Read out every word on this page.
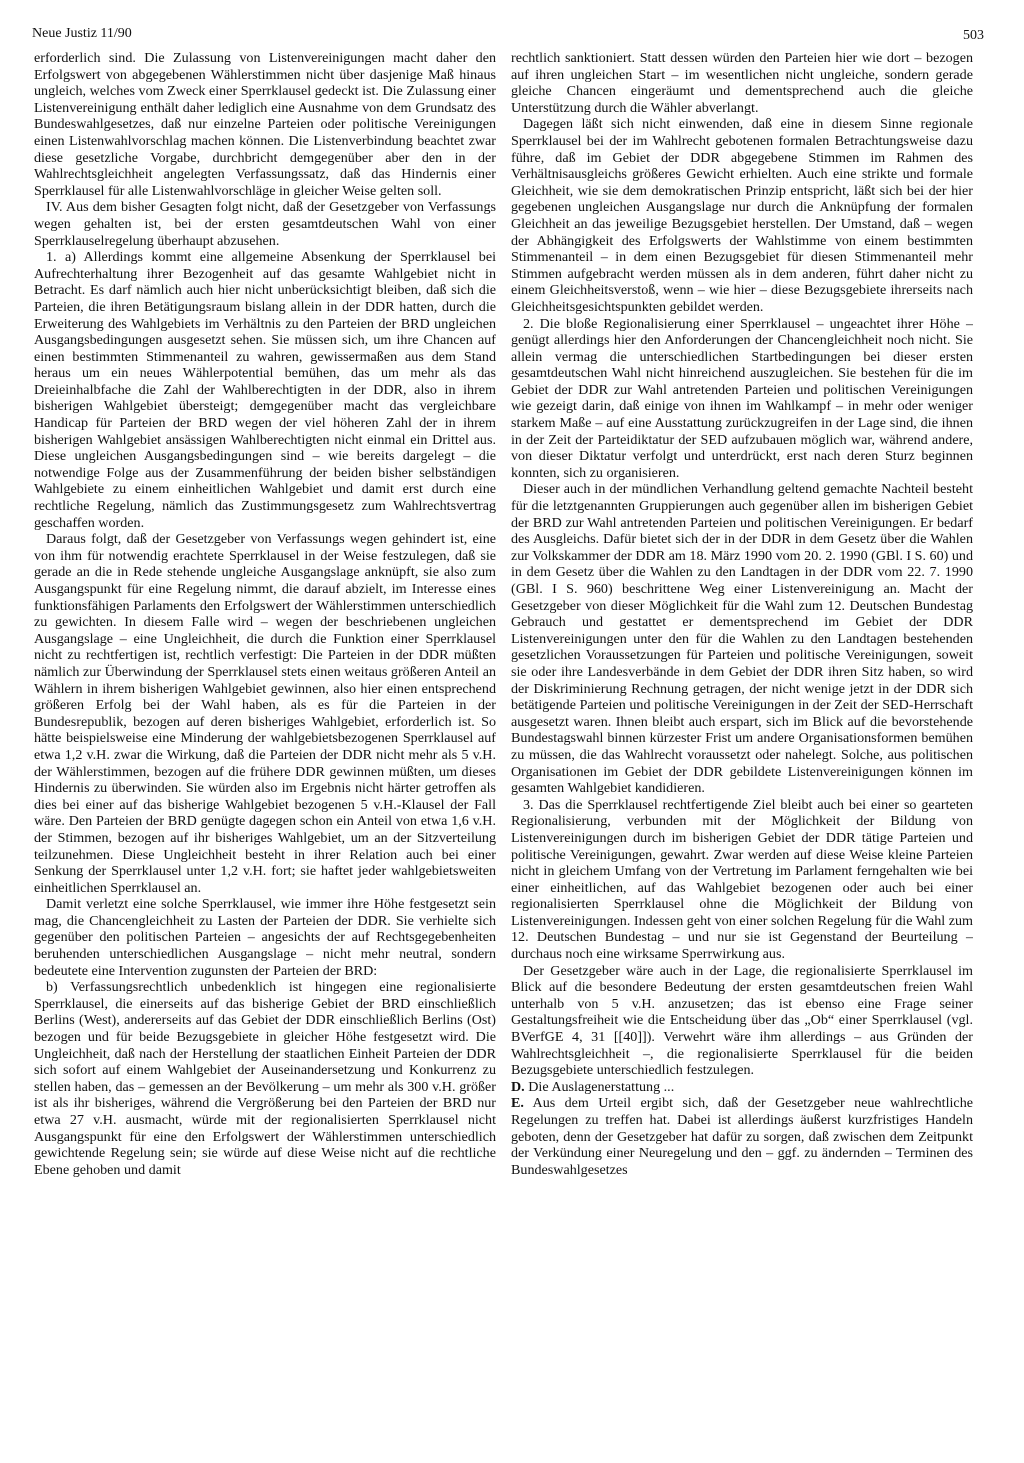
Neue Justiz 11/90	503

erforderlich sind. Die Zulassung von Listenvereinigungen macht daher den Erfolgswert von abgegebenen Wählerstimmen nicht über dasjenige Maß hinaus ungleich, welches vom Zweck einer Sperrklausel gedeckt ist. Die Zulassung einer Listenvereinigung enthält daher lediglich eine Ausnahme von dem Grundsatz des Bundeswahlgesetzes, daß nur einzelne Parteien oder politische Vereinigungen einen Listenwahlvorschlag machen können. Die Listenverbindung beachtet zwar diese gesetzliche Vorgabe, durchbricht demgegenüber aber den in der Wahlrechtsgleichheit angelegten Verfassungssatz, daß das Hindernis einer Sperrklausel für alle Listenwahlvorschläge in gleicher Weise gelten soll.

IV. Aus dem bisher Gesagten folgt nicht, daß der Gesetzgeber von Verfassungs wegen gehalten ist, bei der ersten gesamtdeutschen Wahl von einer Sperrklauselregelung überhaupt abzusehen.

1. a) Allerdings kommt eine allgemeine Absenkung der Sperrklausel bei Aufrechterhaltung ihrer Bezogenheit auf das gesamte Wahlgebiet nicht in Betracht. Es darf nämlich auch hier nicht unberücksichtigt bleiben, daß sich die Parteien, die ihren Betätigungsraum bislang allein in der DDR hatten, durch die Erweiterung des Wahlgebiets im Verhältnis zu den Parteien der BRD ungleichen Ausgangsbedingungen ausgesetzt sehen. Sie müssen sich, um ihre Chancen auf einen bestimmten Stimmenanteil zu wahren, gewissermaßen aus dem Stand heraus um ein neues Wählerpotential bemühen, das um mehr als das Dreieinhalbfache die Zahl der Wahlberechtigten in der DDR, also in ihrem bisherigen Wahlgebiet übersteigt; demgegenüber macht das vergleichbare Handicap für Parteien der BRD wegen der viel höheren Zahl der in ihrem bisherigen Wahlgebiet ansässigen Wahlberechtigten nicht einmal ein Drittel aus. Diese ungleichen Ausgangsbedingungen sind – wie bereits dargelegt – die notwendige Folge aus der Zusammenführung der beiden bisher selbständigen Wahlgebiete zu einem einheitlichen Wahlgebiet und damit erst durch eine rechtliche Regelung, nämlich das Zustimmungsgesetz zum Wahlrechtsvertrag geschaffen worden.

Daraus folgt, daß der Gesetzgeber von Verfassungs wegen gehindert ist, eine von ihm für notwendig erachtete Sperrklausel in der Weise festzulegen, daß sie gerade an die in Rede stehende ungleiche Ausgangslage anknüpft, sie also zum Ausgangspunkt für eine Regelung nimmt, die darauf abzielt, im Interesse eines funktionsfähigen Parlaments den Erfolgswert der Wählerstimmen unterschiedlich zu gewichten. In diesem Falle wird – wegen der beschriebenen ungleichen Ausgangslage – eine Ungleichheit, die durch die Funktion einer Sperrklausel nicht zu rechtfertigen ist, rechtlich verfestigt: Die Parteien in der DDR müßten nämlich zur Überwindung der Sperrklausel stets einen weitaus größeren Anteil an Wählern in ihrem bisherigen Wahlgebiet gewinnen, also hier einen entsprechend größeren Erfolg bei der Wahl haben, als es für die Parteien in der Bundesrepublik, bezogen auf deren bisheriges Wahlgebiet, erforderlich ist. So hätte beispielsweise eine Minderung der wahlgebietsbezogenen Sperrklausel auf etwa 1,2 v.H. zwar die Wirkung, daß die Parteien der DDR nicht mehr als 5 v.H. der Wählerstimmen, bezogen auf die frühere DDR gewinnen müßten, um dieses Hindernis zu überwinden. Sie würden also im Ergebnis nicht härter getroffen als dies bei einer auf das bisherige Wahlgebiet bezogenen 5 v.H.-Klausel der Fall wäre. Den Parteien der BRD genügte dagegen schon ein Anteil von etwa 1,6 v.H. der Stimmen, bezogen auf ihr bisheriges Wahlgebiet, um an der Sitzverteilung teilzunehmen. Diese Ungleichheit besteht in ihrer Relation auch bei einer Senkung der Sperrklausel unter 1,2 v.H. fort; sie haftet jeder wahlgebietsweiten einheitlichen Sperrklausel an.

Damit verletzt eine solche Sperrklausel, wie immer ihre Höhe festgesetzt sein mag, die Chancengleichheit zu Lasten der Parteien der DDR. Sie verhielte sich gegenüber den politischen Parteien – angesichts der auf Rechtsgegebenheiten beruhenden unterschiedlichen Ausgangslage – nicht mehr neutral, sondern bedeutete eine Intervention zugunsten der Parteien der BRD:

b) Verfassungsrechtlich unbedenklich ist hingegen eine regionalisierte Sperrklausel, die einerseits auf das bisherige Gebiet der BRD einschließlich Berlins (West), andererseits auf das Gebiet der DDR einschließlich Berlins (Ost) bezogen und für beide Bezugsgebiete in gleicher Höhe festgesetzt wird. Die Ungleichheit, daß nach der Herstellung der staatlichen Einheit Parteien der DDR sich sofort auf einem Wahlgebiet der Auseinandersetzung und Konkurrenz zu stellen haben, das – gemessen an der Bevölkerung – um mehr als 300 v.H. größer ist als ihr bisheriges, während die Vergrößerung bei den Parteien der BRD nur etwa 27 v.H. ausmacht, würde mit der regionalisierten Sperrklausel nicht Ausgangspunkt für eine den Erfolgswert der Wählerstimmen unterschiedlich gewichtende Regelung sein; sie würde auf diese Weise nicht auf die rechtliche Ebene gehoben und damit

rechtlich sanktioniert. Statt dessen würden den Parteien hier wie dort – bezogen auf ihren ungleichen Start – im wesentlichen nicht ungleiche, sondern gerade gleiche Chancen eingeräumt und dementsprechend auch die gleiche Unterstützung durch die Wähler abverlangt.

Dagegen läßt sich nicht einwenden, daß eine in diesem Sinne regionale Sperrklausel bei der im Wahlrecht gebotenen formalen Betrachtungsweise dazu führe, daß im Gebiet der DDR abgegebene Stimmen im Rahmen des Verhältnisausgleichs größeres Gewicht erhielten. Auch eine strikte und formale Gleichheit, wie sie dem demokratischen Prinzip entspricht, läßt sich bei der hier gegebenen ungleichen Ausgangslage nur durch die Anknüpfung der formalen Gleichheit an das jeweilige Bezugsgebiet herstellen. Der Umstand, daß – wegen der Abhängigkeit des Erfolgswerts der Wahlstimme von einem bestimmten Stimmenanteil – in dem einen Bezugsgebiet für diesen Stimmenanteil mehr Stimmen aufgebracht werden müssen als in dem anderen, führt daher nicht zu einem Gleichheitsverstoß, wenn – wie hier – diese Bezugsgebiete ihrerseits nach Gleichheitsgesichtspunkten gebildet werden.

2. Die bloße Regionalisierung einer Sperrklausel – ungeachtet ihrer Höhe – genügt allerdings hier den Anforderungen der Chancengleichheit noch nicht. Sie allein vermag die unterschiedlichen Startbedingungen bei dieser ersten gesamtdeutschen Wahl nicht hinreichend auszugleichen. Sie bestehen für die im Gebiet der DDR zur Wahl antretenden Parteien und politischen Vereinigungen wie gezeigt darin, daß einige von ihnen im Wahlkampf – in mehr oder weniger starkem Maße – auf eine Ausstattung zurückzugreifen in der Lage sind, die ihnen in der Zeit der Parteidiktatur der SED aufzubauen möglich war, während andere, von dieser Diktatur verfolgt und unterdrückt, erst nach deren Sturz beginnen konnten, sich zu organisieren.

Dieser auch in der mündlichen Verhandlung geltend gemachte Nachteil besteht für die letztgenannten Gruppierungen auch gegenüber allen im bisherigen Gebiet der BRD zur Wahl antretenden Parteien und politischen Vereinigungen. Er bedarf des Ausgleichs. Dafür bietet sich der in der DDR in dem Gesetz über die Wahlen zur Volkskammer der DDR am 18. März 1990 vom 20. 2. 1990 (GBl. I S. 60) und in dem Gesetz über die Wahlen zu den Landtagen in der DDR vom 22. 7. 1990 (GBl. I S. 960) beschrittene Weg einer Listenvereinigung an. Macht der Gesetzgeber von dieser Möglichkeit für die Wahl zum 12. Deutschen Bundestag Gebrauch und gestattet er dementsprechend im Gebiet der DDR Listenvereinigungen unter den für die Wahlen zu den Landtagen bestehenden gesetzlichen Voraussetzungen für Parteien und politische Vereinigungen, soweit sie oder ihre Landesverbände in dem Gebiet der DDR ihren Sitz haben, so wird der Diskriminierung Rechnung getragen, der nicht wenige jetzt in der DDR sich betätigende Parteien und politische Vereinigungen in der Zeit der SED-Herrschaft ausgesetzt waren. Ihnen bleibt auch erspart, sich im Blick auf die bevorstehende Bundestagswahl binnen kürzester Frist um andere Organisationsformen bemühen zu müssen, die das Wahlrecht voraussetzt oder nahelegt. Solche, aus politischen Organisationen im Gebiet der DDR gebildete Listenvereinigungen können im gesamten Wahlgebiet kandidieren.

3. Das die Sperrklausel rechtfertigende Ziel bleibt auch bei einer so gearteten Regionalisierung, verbunden mit der Möglichkeit der Bildung von Listenvereinigungen durch im bisherigen Gebiet der DDR tätige Parteien und politische Vereinigungen, gewahrt. Zwar werden auf diese Weise kleine Parteien nicht in gleichem Umfang von der Vertretung im Parlament ferngehalten wie bei einer einheitlichen, auf das Wahlgebiet bezogenen oder auch bei einer regionalisierten Sperrklausel ohne die Möglichkeit der Bildung von Listenvereinigungen. Indessen geht von einer solchen Regelung für die Wahl zum 12. Deutschen Bundestag – und nur sie ist Gegenstand der Beurteilung – durchaus noch eine wirksame Sperrwirkung aus.

Der Gesetzgeber wäre auch in der Lage, die regionalisierte Sperrklausel im Blick auf die besondere Bedeutung der ersten gesamtdeutschen freien Wahl unterhalb von 5 v.H. anzusetzen; das ist ebenso eine Frage seiner Gestaltungsfreiheit wie die Entscheidung über das „Ob“ einer Sperrklausel (vgl. BVerfGE 4, 31 [[40]]). Verwehrt wäre ihm allerdings – aus Gründen der Wahlrechtsgleichheit –, die regionalisierte Sperrklausel für die beiden Bezugsgebiete unterschiedlich festzulegen.

D. Die Auslagenerstattung ...

E. Aus dem Urteil ergibt sich, daß der Gesetzgeber neue wahlrechtliche Regelungen zu treffen hat. Dabei ist allerdings äußerst kurzfristiges Handeln geboten, denn der Gesetzgeber hat dafür zu sorgen, daß zwischen dem Zeitpunkt der Verkündung einer Neuregelung und den – ggf. zu ändernden – Terminen des Bundeswahlgesetzes
